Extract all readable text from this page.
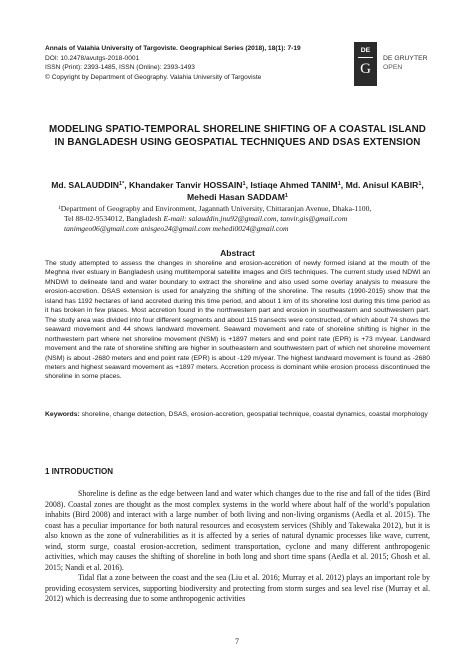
Annals of Valahia University of Targoviste. Geographical Series (2018), 18(1): 7-19
DOI: 10.2478/avutgs-2018-0001
ISSN (Print): 2393-1485, ISSN (Online): 2393-1493
© Copyright by Department of Geography. Valahia University of Targoviste
DE
G
DE GRUYTER
OPEN
MODELING SPATIO-TEMPORAL SHORELINE SHIFTING OF A COASTAL ISLAND IN BANGLADESH USING GEOSPATIAL TECHNIQUES AND DSAS EXTENSION
Md. $SALAUDDIN^{1*}$, Khandaker Tanvir HOSSAIN$^1$, Istiaqe Ahmed TANIM$^1$, Md. Anisul KABIR$^1$, Mehedi Hasan SADDAM$^1$
$^1$Department of Geography and Environment, Jagannath University, Chittaranjan Avenue, Dhaka-1100,
Tel 88-02-9534012, Bangladesh E-mail: salauddin.jnu92@gmail.com, tanvir.gis@gmail.com
tanimgeo06@gmail.com anisgeo24@gmail.com mehedi0024@gmail.com
Abstract
The study attempted to assess the changes in shoreline and erosion-accretion of newly formed island at the mouth of the Meghna river estuary in Bangladesh using multitemporal satellite images and GIS techniques. The current study used NDWI an MNDWI to delineate land and water boundary to extract the shoreline and also used some overlay analysis to measure the erosion-accretion. DSAS extension is used for analyzing the shifting of the shoreline. The results (1990-2015) show that the island has 1192 hectares of land accreted during this time period, and about 1 km of its shoreline lost during this time period as it has broken in few places. Most accretion found in the northwestern part and erosion in southeastern and southwestern part. The study area was divided into four different segments and about 115 transects were constructed, of which about 74 shows the seaward movement and 44 shows landward movement. Seaward movement and rate of shoreline shifting is higher in the northwestern part where net shoreline movement (NSM) is +1897 meters and end point rate (EPR) is +73 m/year. Landward movement and the rate of shoreline shifting are higher in southeastern and southwestern part of which net shoreline movement (NSM) is about -2680 meters and end point rate (EPR) is about -129 m/year. The highest landward movement is found as -2680 meters and highest seaward movement as +1897 meters. Accretion process is dominant while erosion process discontinued the shoreline in some places.
Keywords: shoreline, change detection, DSAS, erosion-accretion, geospatial technique, coastal dynamics, coastal morphology
1 INTRODUCTION

Shoreline is define as the edge between land and water which changes due to the rise and fall of the tides (Bird 2008). Coastal zones are thought as the most complex systems in the world where about half of the world’s population inhabits (Bird 2008) and interact with a large number of both living and non-living organisms (Aedla et al. 2015). The coast has a peculiar importance for both natural resources and ecosystem services (Shibly and Takewaka 2012), but it is also known as the zone of vulnerabilities as it is affected by a series of natural dynamic processes like wave, current, wind, storm surge, coastal erosion-accretion, sediment transportation, cyclone and many different anthropogenic activities, which may causes the shifting of shoreline in both long and short time spans (Aedla et al. 2015; Ghosh et al. 2015; Nandi et al. 2016).

Tidal flat a zone between the coast and the sea (Liu et al. 2016; Murray et al. 2012) plays an important role by providing ecosystem services, supporting biodiversity and protecting from storm surges and sea level rise (Murray et al. 2012) which is decreasing due to some anthropogenic activities

7
